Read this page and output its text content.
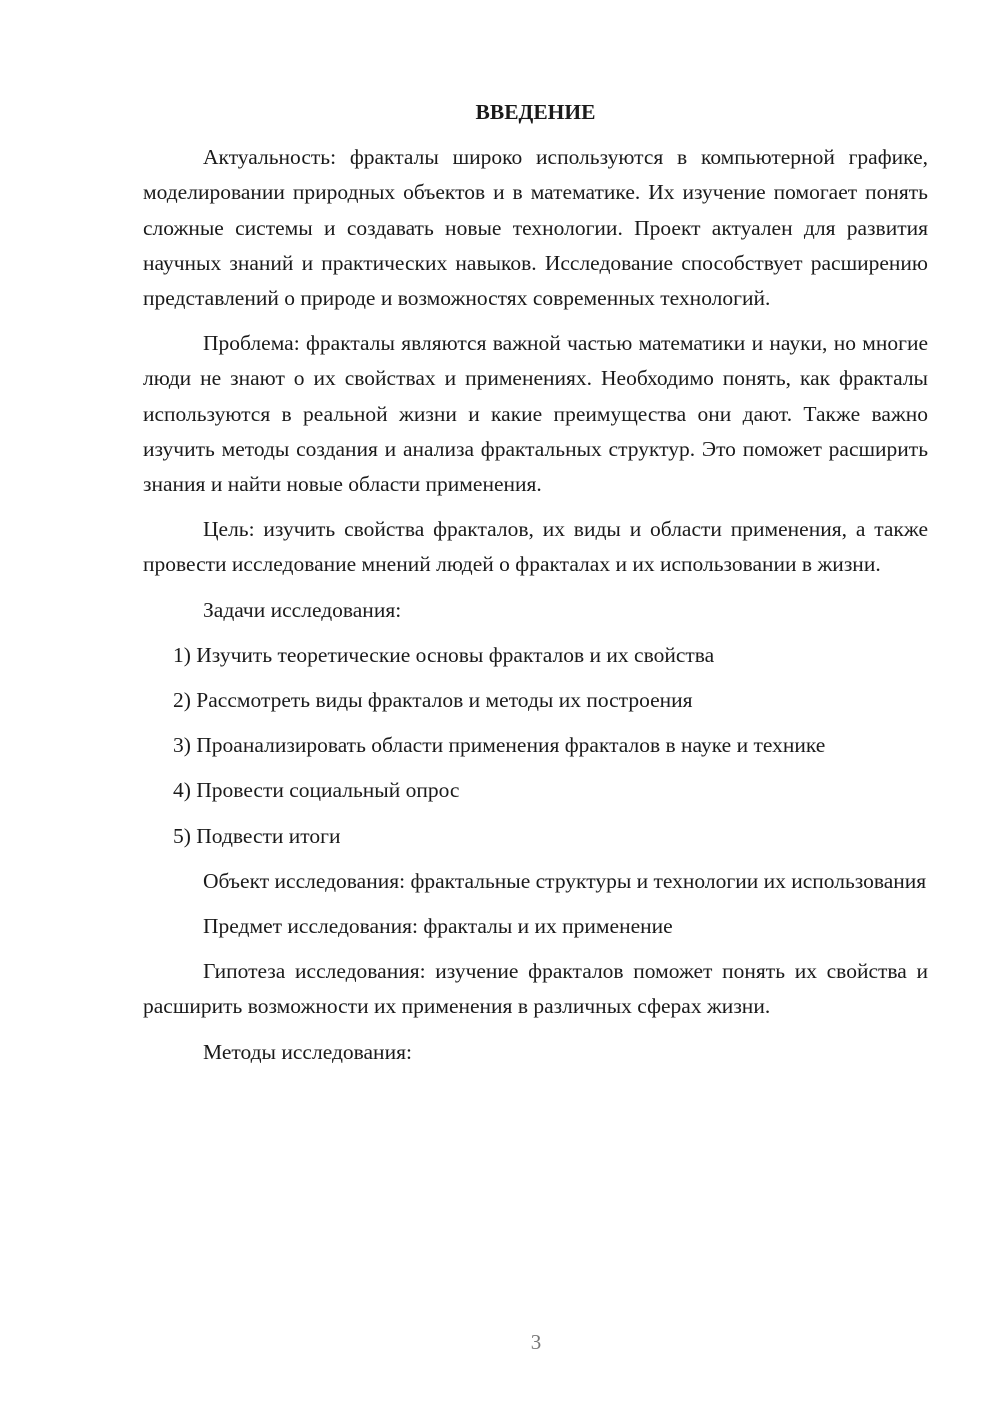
ВВЕДЕНИЕ

Актуальность: фракталы широко используются в компьютерной графике, моделировании природных объектов и в математике. Их изучение помогает понять сложные системы и создавать новые технологии. Проект актуален для развития научных знаний и практических навыков. Исследование способствует расширению представлений о природе и возможностях современных технологий.

Проблема: фракталы являются важной частью математики и науки, но многие люди не знают о их свойствах и применениях. Необходимо понять, как фракталы используются в реальной жизни и какие преимущества они дают. Также важно изучить методы создания и анализа фрактальных структур. Это поможет расширить знания и найти новые области применения.

Цель: изучить свойства фракталов, их виды и области применения, а также провести исследование мнений людей о фракталах и их использовании в жизни.

Задачи исследования:

1) Изучить теоретические основы фракталов и их свойства

2) Рассмотреть виды фракталов и методы их построения

3) Проанализировать области применения фракталов в науке и технике

4) Провести социальный опрос

5) Подвести итоги

Объект исследования: фрактальные структуры и технологии их использования

Предмет исследования: фракталы и их применение

Гипотеза исследования: изучение фракталов поможет понять их свойства и расширить возможности их применения в различных сферах жизни.

Методы исследования:

3
